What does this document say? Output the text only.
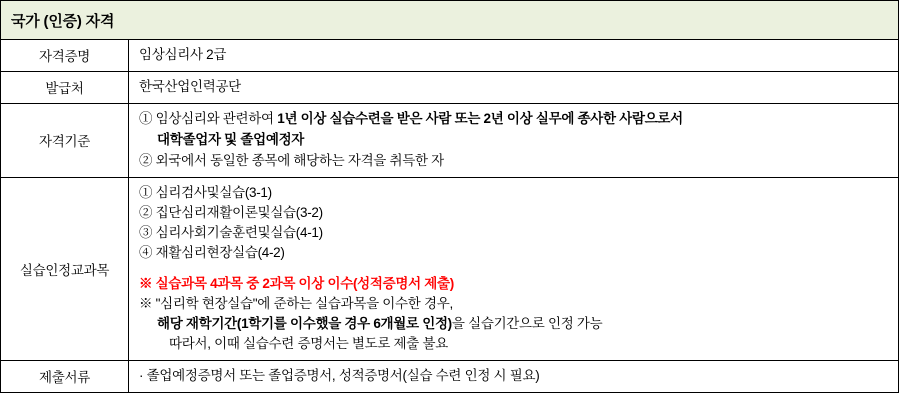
국가 (인증) 자격	
자격증명	임상심리사 2급

발급처	한국산업인력공단

자격기준	① 임상심리와 관련하여 1년 이상 실습수련을 받은 사람 또는 2년 이상 실무에 종사한 사람으로서
대학졸업자 및 졸업예정자
② 외국에서 동일한 종목에 해당하는 자격을 취득한 자

실습인정교과목	
① 심리검사및실습(3-1)
② 집단심리재활이론및실습(3-2)
③ 심리사회기술훈련및실습(4-1)
④ 재활심리현장실습(4-2)
※ 실습과목 4과목 중 2과목 이상 이수(성적증명서 제출)
※ "심리학 현장실습"에 준하는 실습과목을 이수한 경우,
해당 재학기간(1학기를 이수했을 경우 6개월로 인정)을 실습기간으로 인정 가능
따라서, 이때 실습수련 증명서는 별도로 제출 불요

제출서류	· 졸업예정증명서 또는 졸업증명서, 성적증명서(실습 수련 인정 시 필요)
